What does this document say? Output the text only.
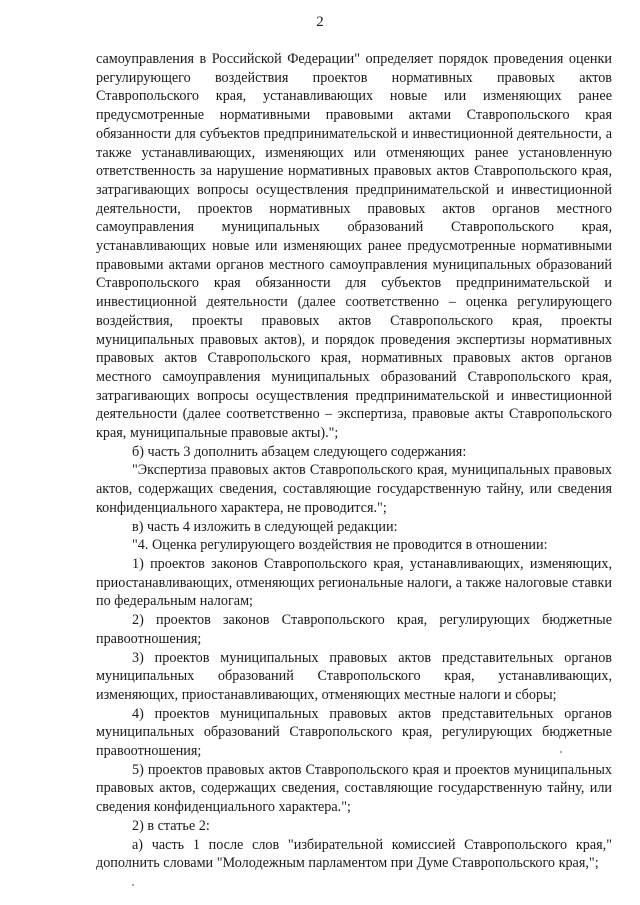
2

самоуправления в Российской Федерации" определяет порядок проведения оценки регулирующего воздействия проектов нормативных правовых актов Ставропольского края, устанавливающих новые или изменяющих ранее предусмотренные нормативными правовыми актами Ставропольского края обязанности для субъектов предпринимательской и инвестиционной деятельности, а также устанавливающих, изменяющих или отменяющих ранее установленную ответственность за нарушение нормативных правовых актов Ставропольского края, затрагивающих вопросы осуществления предпринимательской и инвестиционной деятельности, проектов нормативных правовых актов органов местного самоуправления муниципальных образований Ставропольского края, устанавливающих новые или изменяющих ранее предусмотренные нормативными правовыми актами органов местного самоуправления муниципальных образований Ставропольского края обязанности для субъектов предпринимательской и инвестиционной деятельности (далее соответственно – оценка регулирующего воздействия, проекты правовых актов Ставропольского края, проекты муниципальных правовых актов), и порядок проведения экспертизы нормативных правовых актов Ставропольского края, нормативных правовых актов органов местного самоуправления муниципальных образований Ставропольского края, затрагивающих вопросы осуществления предпринимательской и инвестиционной деятельности (далее соответственно – экспертиза, правовые акты Ставропольского края, муниципальные правовые акты).";

б) часть 3 дополнить абзацем следующего содержания:

"Экспертиза правовых актов Ставропольского края, муниципальных правовых актов, содержащих сведения, составляющие государственную тайну, или сведения конфиденциального характера, не проводится.";

в) часть 4 изложить в следующей редакции:

"4. Оценка регулирующего воздействия не проводится в отношении:

1) проектов законов Ставропольского края, устанавливающих, изменяющих, приостанавливающих, отменяющих региональные налоги, а также налоговые ставки по федеральным налогам;

2) проектов законов Ставропольского края, регулирующих бюджетные правоотношения;

3) проектов муниципальных правовых актов представительных органов муниципальных образований Ставропольского края, устанавливающих, изменяющих, приостанавливающих, отменяющих местные налоги и сборы;

4) проектов муниципальных правовых актов представительных органов муниципальных образований Ставропольского края, регулирующих бюджетные правоотношения;

5) проектов правовых актов Ставропольского края и проектов муниципальных правовых актов, содержащих сведения, составляющие государственную тайну, или сведения конфиденциального характера.";

2) в статье 2:

а) часть 1 после слов "избирательной комиссией Ставропольского края," дополнить словами "Молодежным парламентом при Думе Ставропольского края,";
